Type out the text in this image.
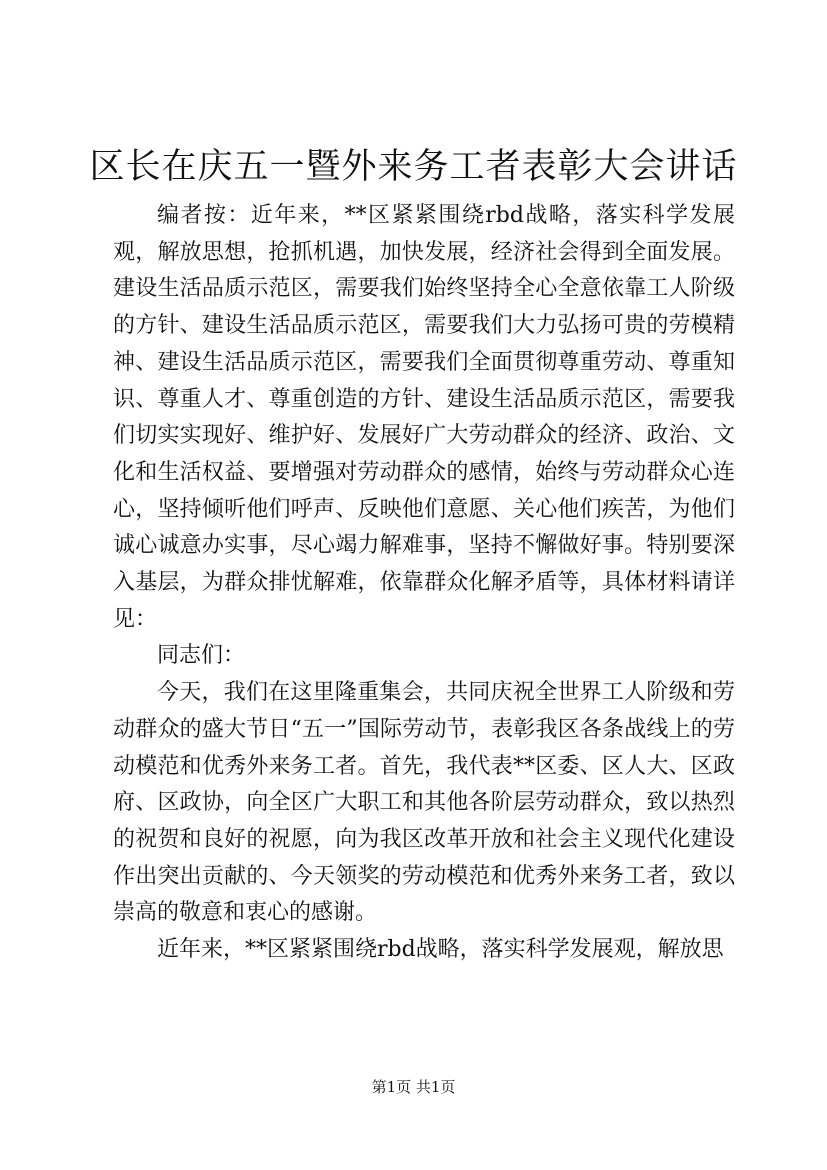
区长在庆五一暨外来务工者表彰大会讲话

编者按：近年来，**区紧紧围绕rbd战略，落实科学发展观，解放思想，抢抓机遇，加快发展，经济社会得到全面发展。建设生活品质示范区，需要我们始终坚持全心全意依靠工人阶级的方针、建设生活品质示范区，需要我们大力弘扬可贵的劳模精神、建设生活品质示范区，需要我们全面贯彻尊重劳动、尊重知识、尊重人才、尊重创造的方针、建设生活品质示范区，需要我们切实实现好、维护好、发展好广大劳动群众的经济、政治、文化和生活权益、要增强对劳动群众的感情，始终与劳动群众心连心，坚持倾听他们呼声、反映他们意愿、关心他们疾苦，为他们诚心诚意办实事，尽心竭力解难事，坚持不懈做好事。特别要深入基层，为群众排忧解难，依靠群众化解矛盾等，具体材料请详见：

同志们：

今天，我们在这里隆重集会，共同庆祝全世界工人阶级和劳动群众的盛大节日“五一”国际劳动节，表彰我区各条战线上的劳动模范和优秀外来务工者。首先，我代表**区委、区人大、区政府、区政协，向全区广大职工和其他各阶层劳动群众，致以热烈的祝贺和良好的祝愿，向为我区改革开放和社会主义现代化建设作出突出贡献的、今天领奖的劳动模范和优秀外来务工者，致以崇高的敬意和衷心的感谢。

近年来，**区紧紧围绕rbd战略，落实科学发展观，解放思

第1页 共1页
